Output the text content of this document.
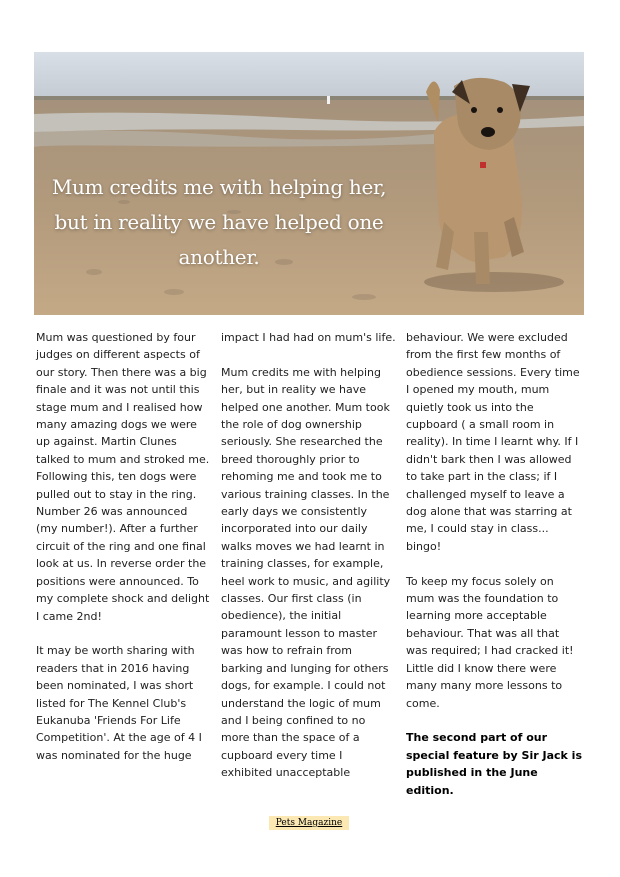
Mum credits me with helping her, but in reality we have helped one another.

Mum was questioned by four judges on different aspects of our story. Then there was a big finale and it was not until this stage mum and I realised how many amazing dogs we were up against. Martin Clunes talked to mum and stroked me. Following this, ten dogs were pulled out to stay in the ring. Number 26 was announced (my number!). After a further circuit of the ring and one final look at us. In reverse order the positions were announced. To my complete shock and delight I came 2nd!

It may be worth sharing with readers that in 2016 having been nominated, I was short listed for The Kennel Club's Eukanuba 'Friends For Life Competition'. At the age of 4 I was nominated for the huge

impact I had had on mum's life.

Mum credits me with helping her, but in reality we have helped one another. Mum took the role of dog ownership seriously. She researched the breed thoroughly prior to rehoming me and took me to various training classes. In the early days we consistently incorporated into our daily walks moves we had learnt in training classes, for example, heel work to music, and agility classes. Our first class (in obedience), the initial paramount lesson to master was how to refrain from barking and lunging for others dogs, for example. I could not understand the logic of mum and I being confined to no more than the space of a cupboard every time I exhibited unacceptable

behaviour. We were excluded from the first few months of obedience sessions. Every time I opened my mouth, mum quietly took us into the cupboard ( a small room in reality). In time I learnt why. If I didn't bark then I was allowed to take part in the class; if I challenged myself to leave a dog alone that was starring at me, I could stay in class... bingo!

To keep my focus solely on mum was the foundation to learning more acceptable behaviour. That was all that was required; I had cracked it! Little did I know there were many many more lessons to come.

The second part of our special feature by Sir Jack is published in the June edition.

Pets Magazine
